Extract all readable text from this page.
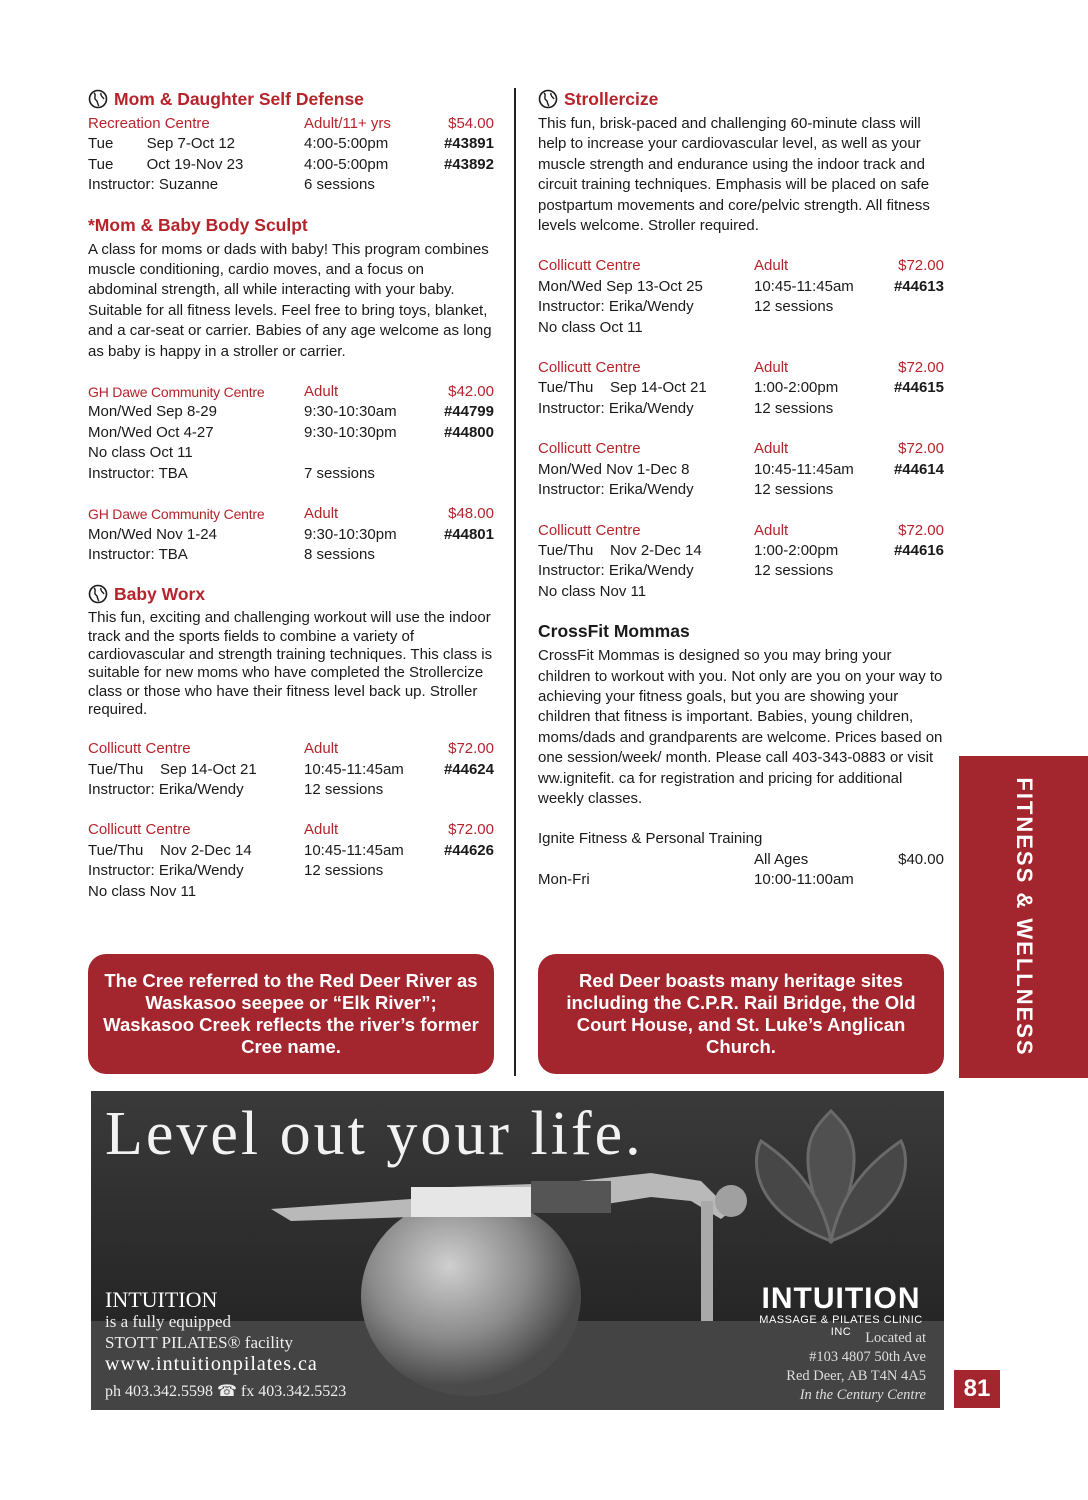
Mom & Daughter Self Defense
Recreation Centre	Adult/11+ yrs	$54.00
Tue        Sep 7-Oct 12	4:00-5:00pm	#43891
Tue        Oct 19-Nov 23	4:00-5:00pm	#43892
Instructor: Suzanne	6 sessions
*Mom & Baby Body Sculpt

A class for moms or dads with baby! This program combines muscle conditioning, cardio moves, and a focus on abdominal strength, all while interacting with your baby. Suitable for all fitness levels. Feel free to bring toys, blanket, and a car-seat or carrier. Babies of any age welcome as long as baby is happy in a stroller or carrier.

GH Dawe Community Centre	Adult	$42.00
Mon/Wed Sep 8-29	9:30-10:30am	#44799
Mon/Wed Oct 4-27	9:30-10:30pm	#44800
No class Oct 11
Instructor: TBA	7 sessions
GH Dawe Community Centre	Adult	$48.00
Mon/Wed Nov 1-24	9:30-10:30pm	#44801
Instructor: TBA	8 sessions
Baby Worx

This fun, exciting and challenging workout will use the indoor track and the sports fields to combine a variety of cardiovascular and strength training techniques. This class is suitable for new moms who have completed the Strollercize class or those who have their fitness level back up. Stroller required.

Collicutt Centre	Adult	$72.00
Tue/Thu    Sep 14-Oct 21	10:45-11:45am	#44624
Instructor: Erika/Wendy	12 sessions
Collicutt Centre	Adult	$72.00
Tue/Thu    Nov 2-Dec 14	10:45-11:45am	#44626
Instructor: Erika/Wendy	12 sessions
No class Nov 11
Strollercize

This fun, brisk-paced and challenging 60-minute class will help to increase your cardiovascular level, as well as your muscle strength and endurance using the indoor track and circuit training techniques. Emphasis will be placed on safe postpartum movements and core/pelvic strength. All fitness levels welcome. Stroller required.

Collicutt Centre	Adult	$72.00
Mon/Wed Sep 13-Oct 25	10:45-11:45am	#44613
Instructor: Erika/Wendy	12 sessions
No class Oct 11
Collicutt Centre	Adult	$72.00
Tue/Thu    Sep 14-Oct 21	1:00-2:00pm	#44615
Instructor: Erika/Wendy	12 sessions
Collicutt Centre	Adult	$72.00
Mon/Wed Nov 1-Dec 8	10:45-11:45am	#44614
Instructor: Erika/Wendy	12 sessions
Collicutt Centre	Adult	$72.00
Tue/Thu    Nov 2-Dec 14	1:00-2:00pm	#44616
Instructor: Erika/Wendy	12 sessions
No class Nov 11
CrossFit Mommas

CrossFit Mommas is designed so you may bring your children to workout with you. Not only are you on your way to achieving your fitness goals, but you are showing your children that fitness is important. Babies, young children, moms/dads and grandparents are welcome. Prices based on one session/week/ month. Please call 403-343-0883 or visit ww.ignitefit. ca for registration and pricing for additional weekly classes.

Ignite Fitness & Personal Training
All Ages	$40.00
Mon-Fri	10:00-11:00am
The Cree referred to the Red Deer River as Waskasoo seepee or “Elk River”; Waskasoo Creek reflects the river’s former Cree name.
Red Deer boasts many heritage sites including the C.P.R. Rail Bridge, the Old Court House, and St. Luke’s Anglican Church.	FITNESS & WELLNESS
81
Level out your life.
INTUITION
is a fully equipped
STOTT PILATES® facility
www.intuitionpilates.ca
ph 403.342.5598 ☎ fx 403.342.5523
INTUITION
MASSAGE & PILATES CLINIC INC Located at
#103 4807 50th Ave
Red Deer, AB T4N 4A5
In the Century Centre
